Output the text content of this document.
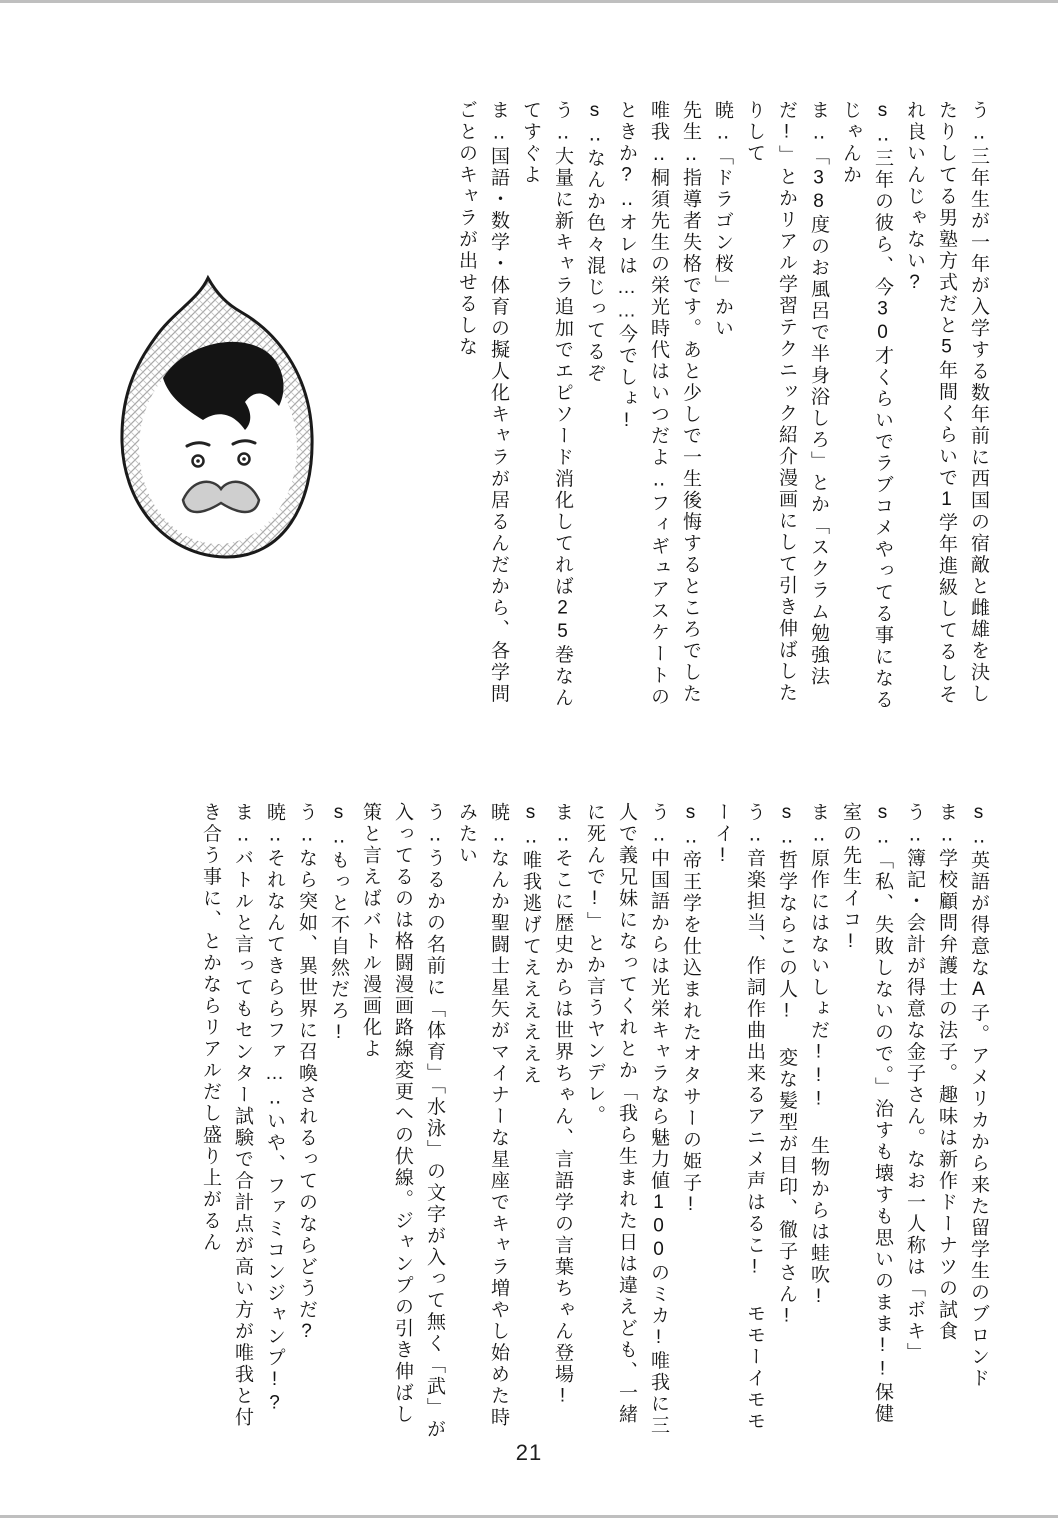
う‥三年生が一年が入学する数年前に西国の宿敵と雌雄を決したりしてる男塾方式だと5年間くらいで1学年進級してるしそれ良いんじゃない?

s‥三年の彼ら、今30才くらいでラブコメやってる事になるじゃんか

ま‥「38度のお風呂で半身浴しろ」とか「スクラム勉強法だ!」とかリアル学習テクニック紹介漫画にして引き伸ばしたりして

暁‥「ドラゴン桜」かい

先生‥指導者失格です。あと少しで一生後悔するところでした

唯我‥桐須先生の栄光時代はいつだよ‥フィギュアスケートのときか?‥オレは……今でしょ!

s‥なんか色々混じってるぞ

う‥大量に新キャラ追加でエピソード消化してれば25巻なんてすぐよ

ま‥国語・数学・体育の擬人化キャラが居るんだから、各学問ごとのキャラが出せるしな

s‥英語が得意なA子。アメリカから来た留学生のブロンド

ま‥学校顧問弁護士の法子。趣味は新作ドーナツの試食

う‥簿記・会計が得意な金子さん。なお一人称は「ボキ」

s‥「私、失敗しないので。」治すも壊すも思いのまま!!保健室の先生イコ!

ま‥原作にはないしょだ!!! 生物からは蛙吹!

s‥哲学ならこの人! 変な髪型が目印、徹子さん!

う‥音楽担当、作詞作曲出来るアニメ声はるこ! モモーイモモーイ!

s‥帝王学を仕込まれたオタサーの姫子!

う‥中国語からは光栄キャラなら魅力値100のミカ!唯我に三人で義兄妹になってくれとか「我ら生まれた日は違えども、一緒に死んで!」とか言うヤンデレ。

ま‥そこに歴史からは世界ちゃん、言語学の言葉ちゃん登場!

s‥唯我逃げてええええええ

暁‥なんか聖闘士星矢がマイナーな星座でキャラ増やし始めた時みたい

う‥うるかの名前に「体育」「水泳」の文字が入って無く「武」が入ってるのは格闘漫画路線変更への伏線。ジャンプの引き伸ばし策と言えばバトル漫画化よ

s‥もっと不自然だろ!

う‥なら突如、異世界に召喚されるってのならどうだ?

暁‥それなんてきららファ…‥いや、ファミコンジャンプ!?

ま‥バトルと言ってもセンター試験で合計点が高い方が唯我と付き合う事に、とかならリアルだし盛り上がるん

21
